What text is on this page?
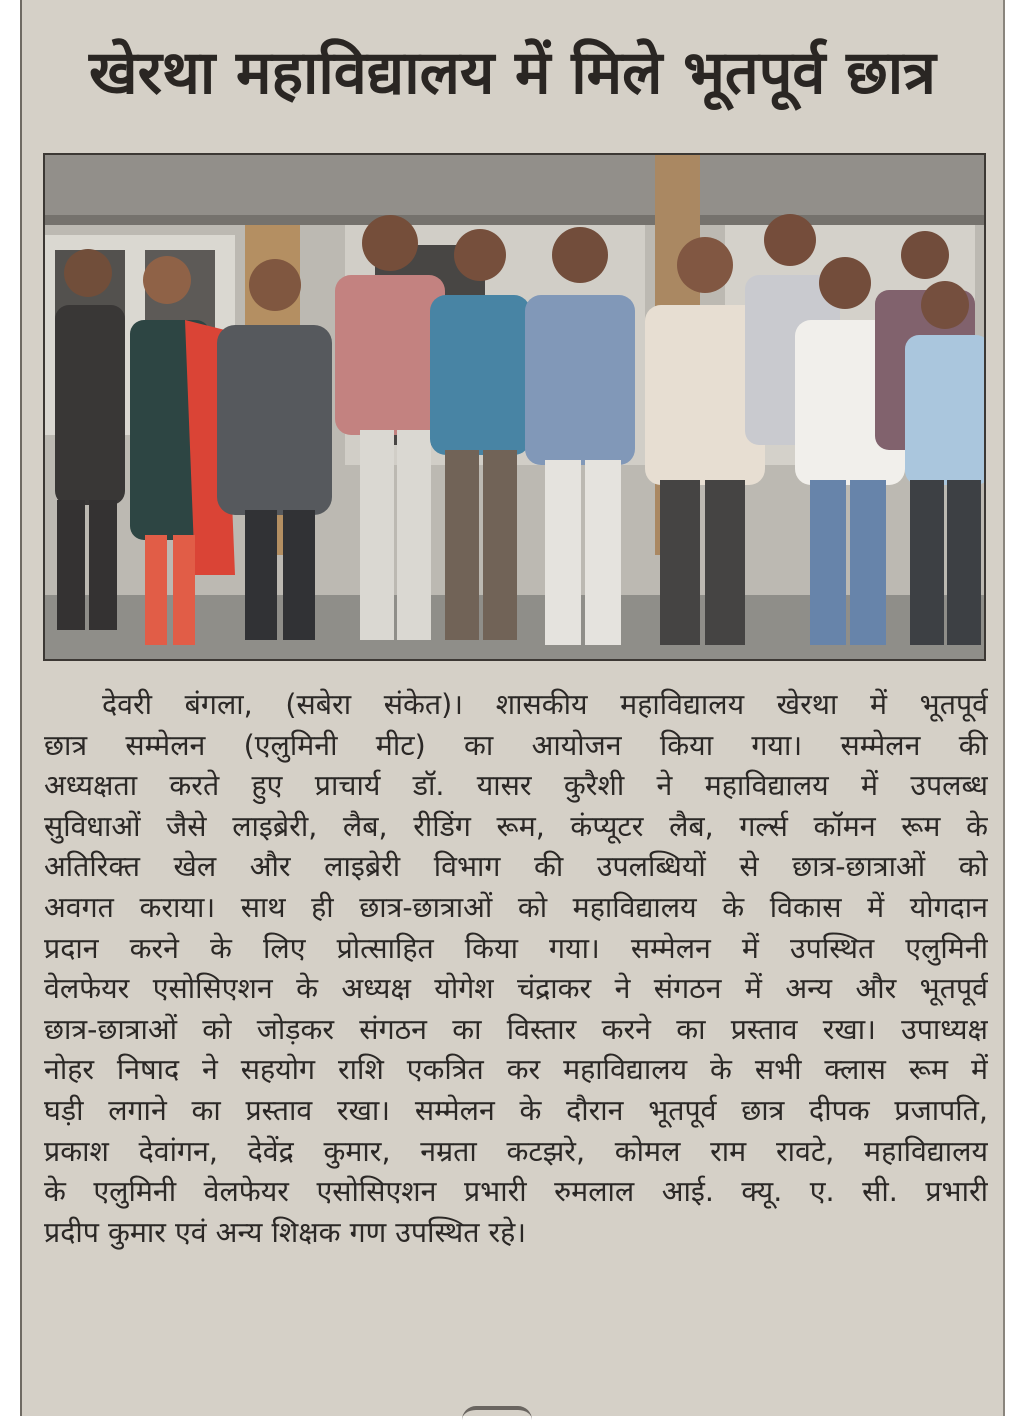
खेरथा महाविद्यालय में मिले भूतपूर्व छात्र
देवरी बंगला, (सबेरा संकेत)। शासकीय महाविद्यालय खेरथा में भूतपूर्व
छात्र सम्मेलन (एलुमिनी मीट) का आयोजन किया गया। सम्मेलन की
अध्यक्षता करते हुए प्राचार्य डॉ. यासर कुरैशी ने महाविद्यालय में उपलब्ध
सुविधाओं जैसे लाइब्रेरी, लैब, रीडिंग रूम, कंप्यूटर लैब, गर्ल्स कॉमन रूम के
अतिरिक्त खेल और लाइब्रेरी विभाग की उपलब्धियों से छात्र-छात्राओं को
अवगत कराया। साथ ही छात्र-छात्राओं को महाविद्यालय के विकास में योगदान
प्रदान करने के लिए प्रोत्साहित किया गया। सम्मेलन में उपस्थित एलुमिनी
वेलफेयर एसोसिएशन के अध्यक्ष योगेश चंद्राकर ने संगठन में अन्य और भूतपूर्व
छात्र-छात्राओं को जोड़कर संगठन का विस्तार करने का प्रस्ताव रखा। उपाध्यक्ष
नोहर निषाद ने सहयोग राशि एकत्रित कर महाविद्यालय के सभी क्लास रूम में
घड़ी लगाने का प्रस्ताव रखा। सम्मेलन के दौरान भूतपूर्व छात्र दीपक प्रजापति,
प्रकाश देवांगन, देवेंद्र कुमार, नम्रता कटझरे, कोमल राम रावटे, महाविद्यालय
के एलुमिनी वेलफेयर एसोसिएशन प्रभारी रुमलाल आई. क्यू. ए. सी. प्रभारी
प्रदीप कुमार एवं अन्य शिक्षक गण उपस्थित रहे।
